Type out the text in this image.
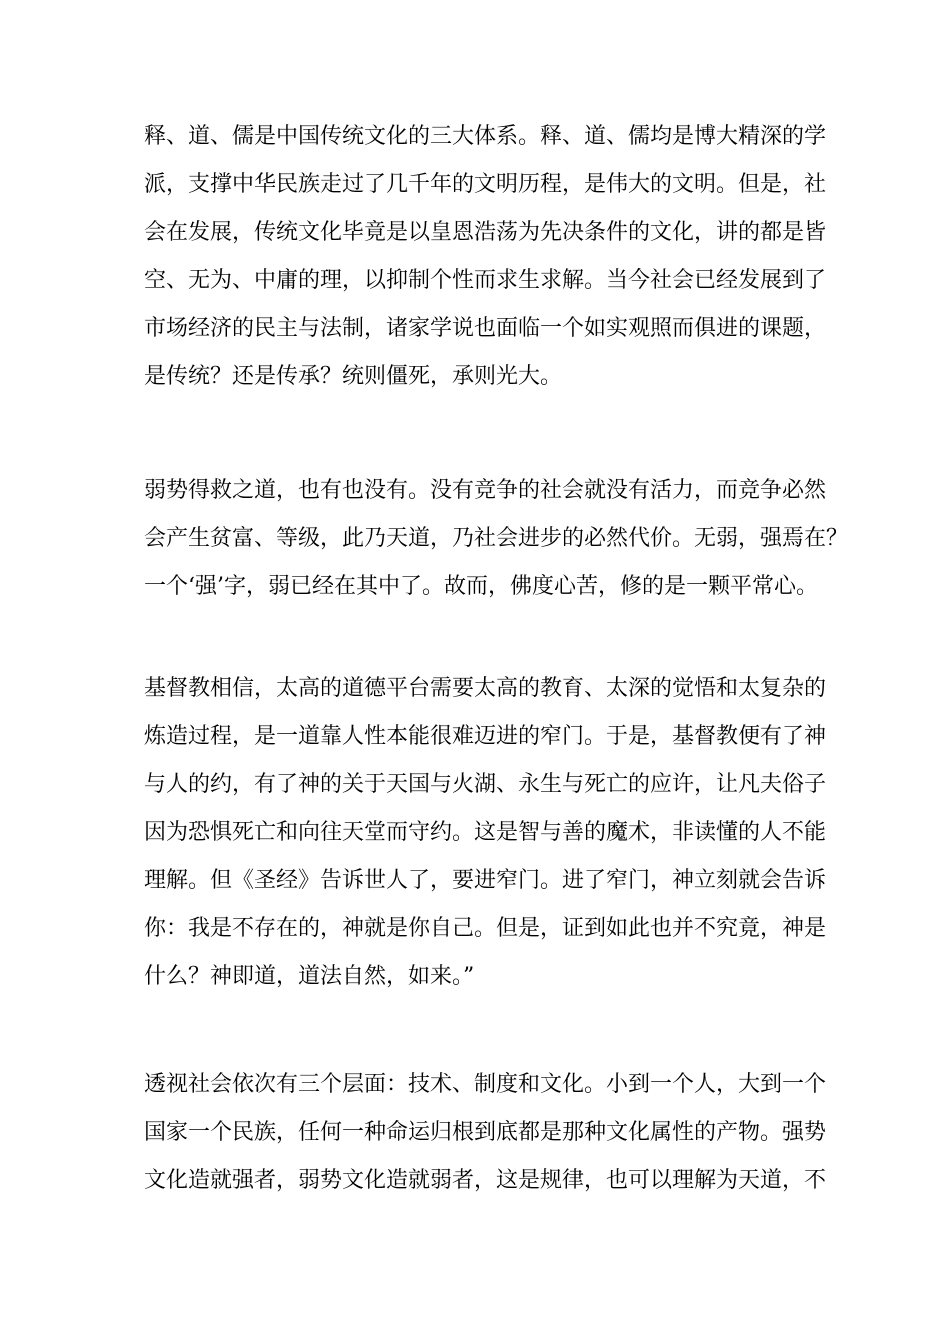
释、道、儒是中国传统文化的三大体系。释、道、儒均是博大精深的学
派，支撑中华民族走过了几千年的文明历程，是伟大的文明。但是，社
会在发展，传统文化毕竟是以皇恩浩荡为先决条件的文化，讲的都是皆
空、无为、中庸的理，以抑制个性而求生求解。当今社会已经发展到了
市场经济的民主与法制，诸家学说也面临一个如实观照而俱进的课题，
是传统？还是传承？统则僵死，承则光大。
弱势得救之道，也有也没有。没有竞争的社会就没有活力，而竞争必然
会产生贫富、等级，此乃天道，乃社会进步的必然代价。无弱，强焉在？
一个‘强’字，弱已经在其中了。故而，佛度心苦，修的是一颗平常心。
基督教相信，太高的道德平台需要太高的教育、太深的觉悟和太复杂的
炼造过程，是一道靠人性本能很难迈进的窄门。于是，基督教便有了神
与人的约，有了神的关于天国与火湖、永生与死亡的应许，让凡夫俗子
因为恐惧死亡和向往天堂而守约。这是智与善的魔术，非读懂的人不能
理解。但《圣经》告诉世人了，要进窄门。进了窄门，神立刻就会告诉
你：我是不存在的，神就是你自己。但是，证到如此也并不究竟，神是
什么？神即道，道法自然，如来。”
透视社会依次有三个层面：技术、制度和文化。小到一个人，大到一个
国家一个民族，任何一种命运归根到底都是那种文化属性的产物。强势
文化造就强者，弱势文化造就弱者，这是规律，也可以理解为天道，不
